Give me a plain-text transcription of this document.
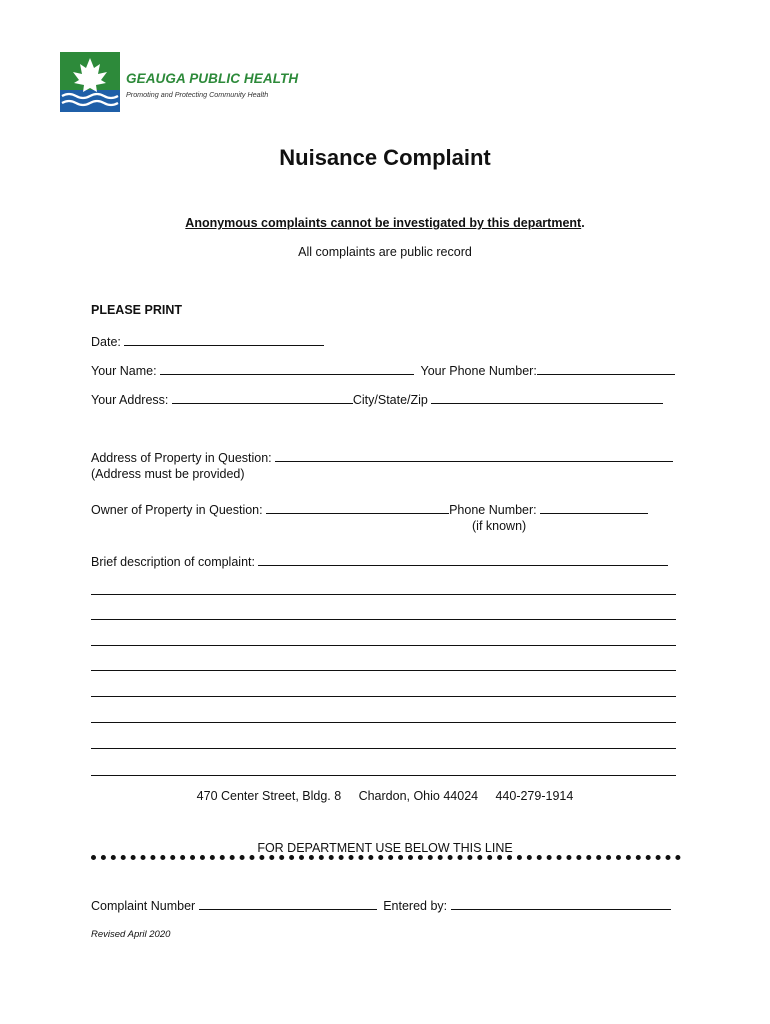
GEAUGA PUBLIC HEALTH
Promoting and Protecting Community Health
Nuisance Complaint
Anonymous complaints cannot be investigated by this department.
All complaints are public record
PLEASE PRINT
Date:
Your Name:	Your Phone Number:
Your Address:	City/State/Zip
Address of Property in Question:
(Address must be provided)
Owner of Property in Question:	Phone Number:
(if known)
Brief description of complaint:
470 Center Street, Bldg. 8     Chardon, Ohio 44024     440-279-1914
FOR DEPARTMENT USE BELOW THIS LINE
Complaint Number	Entered by:
Revised April 2020
